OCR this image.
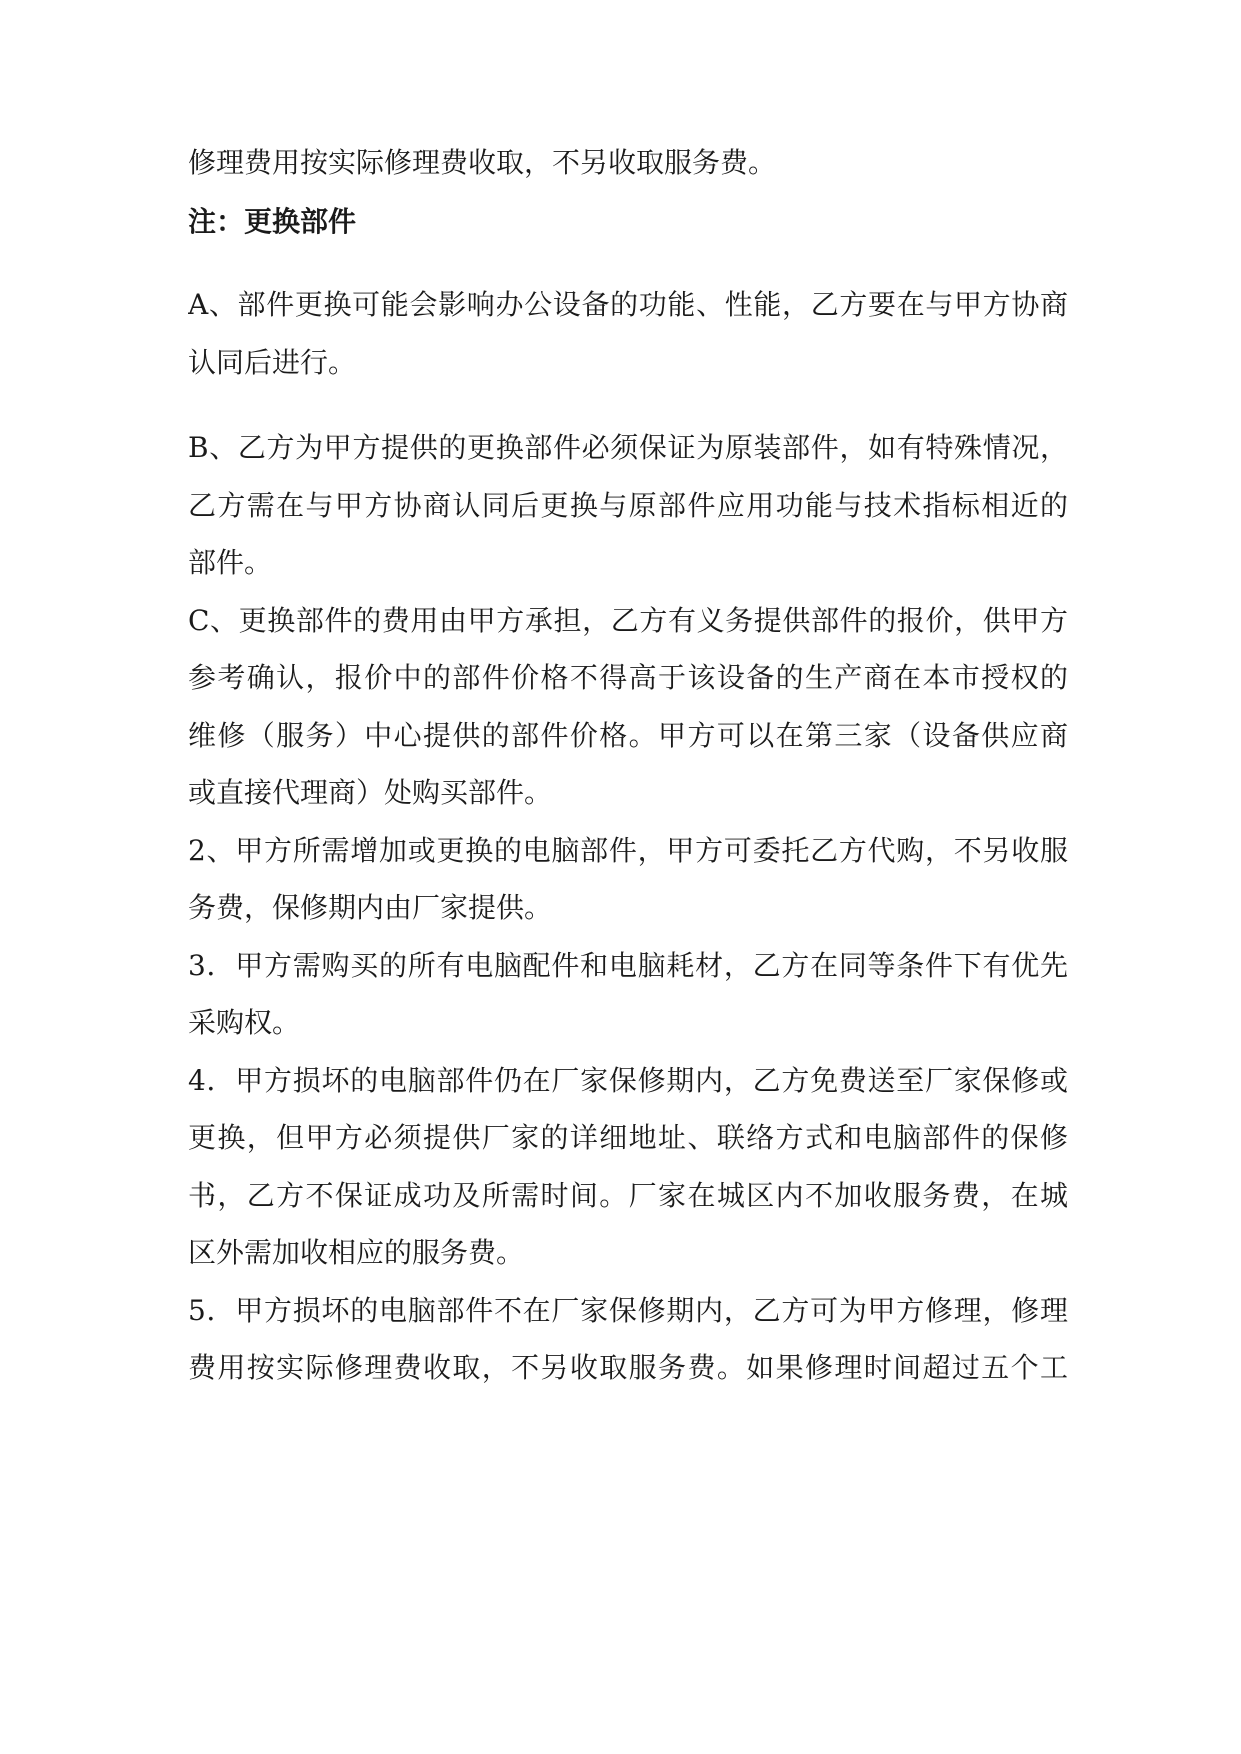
修理费用按实际修理费收取，不另收取服务费。
注：更换部件
A、部件更换可能会影响办公设备的功能、性能，乙方要在与甲方协商
认同后进行。
B、乙方为甲方提供的更换部件必须保证为原装部件，如有特殊情况，
乙方需在与甲方协商认同后更换与原部件应用功能与技术指标相近的
部件。
C、更换部件的费用由甲方承担，乙方有义务提供部件的报价，供甲方
参考确认，报价中的部件价格不得高于该设备的生产商在本市授权的
维修（服务）中心提供的部件价格。甲方可以在第三家（设备供应商
或直接代理商）处购买部件。
2、甲方所需增加或更换的电脑部件，甲方可委托乙方代购，不另收服
务费，保修期内由厂家提供。
3．甲方需购买的所有电脑配件和电脑耗材，乙方在同等条件下有优先
采购权。
4．甲方损坏的电脑部件仍在厂家保修期内，乙方免费送至厂家保修或
更换，但甲方必须提供厂家的详细地址、联络方式和电脑部件的保修
书，乙方不保证成功及所需时间。厂家在城区内不加收服务费，在城
区外需加收相应的服务费。
5．甲方损坏的电脑部件不在厂家保修期内，乙方可为甲方修理，修理
费用按实际修理费收取，不另收取服务费。如果修理时间超过五个工
